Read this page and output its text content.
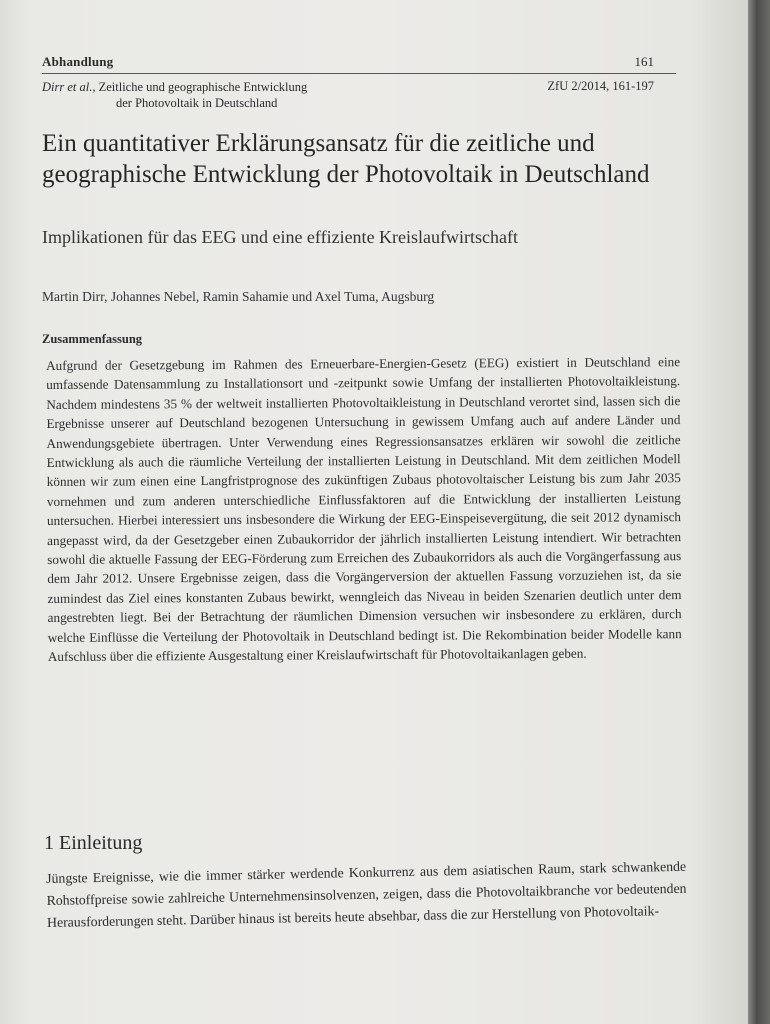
Abhandlung	161
Dirr et al., Zeitliche und geographische Entwicklung
der Photovoltaik in Deutschland
ZfU 2/2014, 161-197
Ein quantitativer Erklärungsansatz für die zeitliche und geographische Entwicklung der Photovoltaik in Deutschland
Implikationen für das EEG und eine effiziente Kreislaufwirtschaft
Martin Dirr, Johannes Nebel, Ramin Sahamie und Axel Tuma, Augsburg
Zusammenfassung

Aufgrund der Gesetzgebung im Rahmen des Erneuerbare-Energien-Gesetz (EEG) existiert in Deutschland eine umfassende Datensammlung zu Installationsort und -zeitpunkt sowie Umfang der installierten Photovoltaikleistung. Nachdem mindestens 35 % der weltweit installierten Photovoltaikleistung in Deutschland verortet sind, lassen sich die Ergebnisse unserer auf Deutschland bezogenen Untersuchung in gewissem Umfang auch auf andere Länder und Anwendungsgebiete übertragen. Unter Verwendung eines Regressionsansatzes erklären wir sowohl die zeitliche Entwicklung als auch die räumliche Verteilung der installierten Leistung in Deutschland. Mit dem zeitlichen Modell können wir zum einen eine Langfristprognose des zukünftigen Zubaus photovoltaischer Leistung bis zum Jahr 2035 vornehmen und zum anderen unterschiedliche Einflussfaktoren auf die Entwicklung der installierten Leistung untersuchen. Hierbei interessiert uns insbesondere die Wirkung der EEG-Einspeisevergütung, die seit 2012 dynamisch angepasst wird, da der Gesetzgeber einen Zubaukorridor der jährlich installierten Leistung intendiert. Wir betrachten sowohl die aktuelle Fassung der EEG-Förderung zum Erreichen des Zubaukorridors als auch die Vorgängerfassung aus dem Jahr 2012. Unsere Ergebnisse zeigen, dass die Vorgängerversion der aktuellen Fassung vorzuziehen ist, da sie zumindest das Ziel eines konstanten Zubaus bewirkt, wenngleich das Niveau in beiden Szenarien deutlich unter dem angestrebten liegt. Bei der Betrachtung der räumlichen Dimension versuchen wir insbesondere zu erklären, durch welche Einflüsse die Verteilung der Photovoltaik in Deutschland bedingt ist. Die Rekombination beider Modelle kann Aufschluss über die effiziente Ausgestaltung einer Kreislaufwirtschaft für Photovoltaikanlagen geben.

1 Einleitung

Jüngste Ereignisse, wie die immer stärker werdende Konkurrenz aus dem asiatischen Raum, stark schwankende Rohstoffpreise sowie zahlreiche Unternehmensinsolvenzen, zeigen, dass die Photovoltaikbranche vor bedeutenden Herausforderungen steht. Darüber hinaus ist bereits heute absehbar, dass die zur Herstellung von Photovoltaik-
